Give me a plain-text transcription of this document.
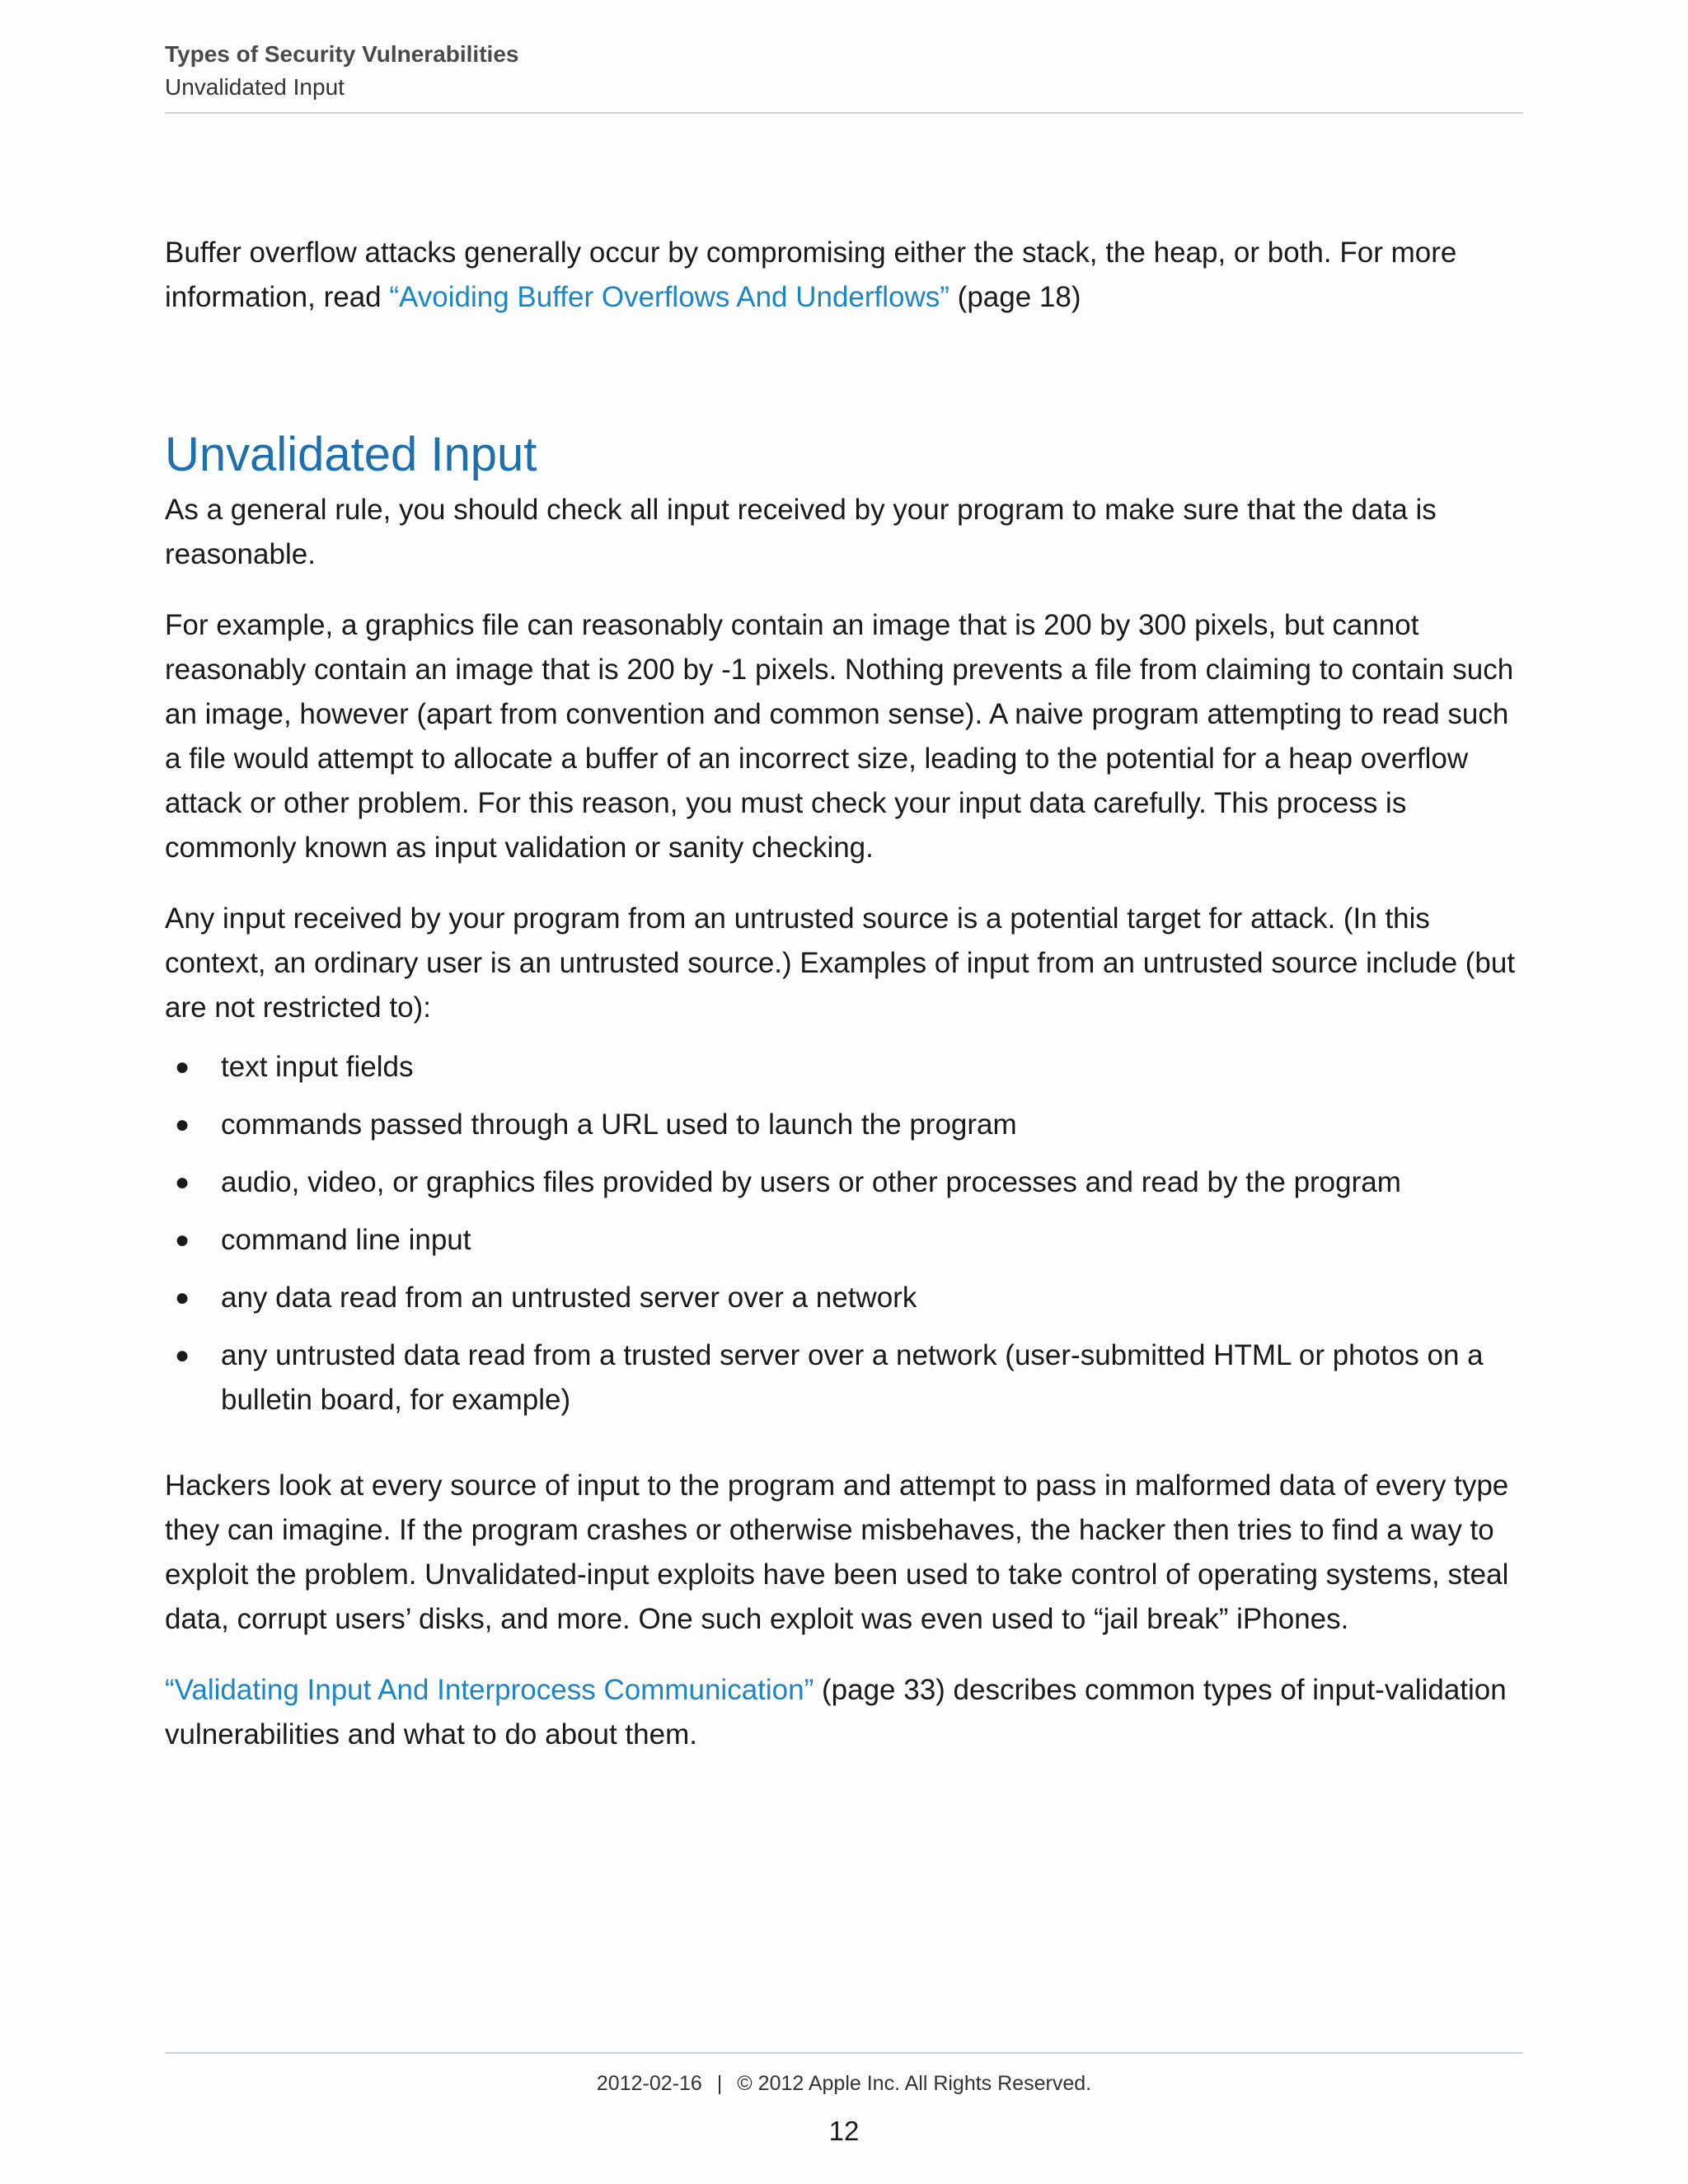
Types of Security Vulnerabilities
Unvalidated Input

Buffer overflow attacks generally occur by compromising either the stack, the heap, or both. For more information, read “Avoiding Buffer Overflows And Underflows” (page 18)

Unvalidated Input

As a general rule, you should check all input received by your program to make sure that the data is reasonable.

For example, a graphics file can reasonably contain an image that is 200 by 300 pixels, but cannot reasonably contain an image that is 200 by -1 pixels. Nothing prevents a file from claiming to contain such an image, however (apart from convention and common sense). A naive program attempting to read such a file would attempt to allocate a buffer of an incorrect size, leading to the potential for a heap overflow attack or other problem. For this reason, you must check your input data carefully. This process is commonly known as input validation or sanity checking.

Any input received by your program from an untrusted source is a potential target for attack. (In this context, an ordinary user is an untrusted source.) Examples of input from an untrusted source include (but are not restricted to):

● text input fields
● commands passed through a URL used to launch the program
● audio, video, or graphics files provided by users or other processes and read by the program
● command line input
● any data read from an untrusted server over a network
● any untrusted data read from a trusted server over a network (user-submitted HTML or photos on a bulletin board, for example)

Hackers look at every source of input to the program and attempt to pass in malformed data of every type they can imagine. If the program crashes or otherwise misbehaves, the hacker then tries to find a way to exploit the problem. Unvalidated-input exploits have been used to take control of operating systems, steal data, corrupt users’ disks, and more. One such exploit was even used to “jail break” iPhones.

“Validating Input And Interprocess Communication” (page 33) describes common types of input-validation vulnerabilities and what to do about them.

2012-02-16 | © 2012 Apple Inc. All Rights Reserved.
12
